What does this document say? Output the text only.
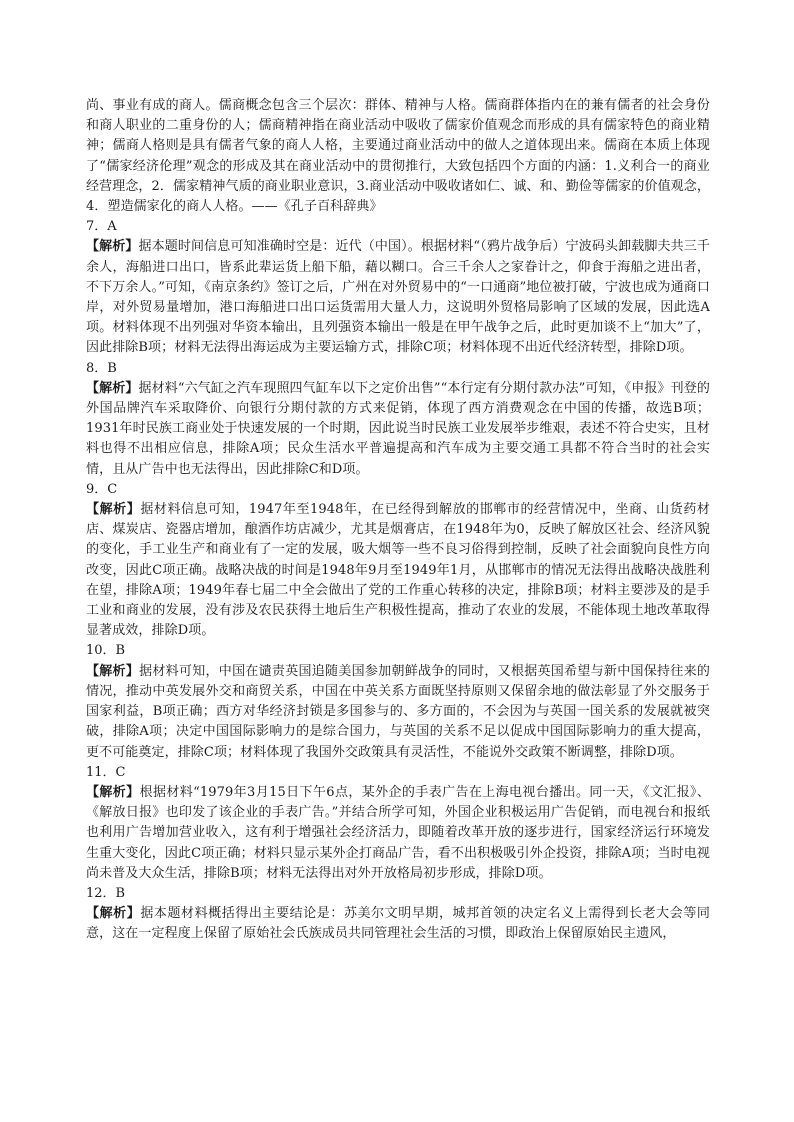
尚、事业有成的商人。儒商概念包含三个层次：群体、精神与人格。儒商群体指内在的兼有儒者的社会身份和商人职业的二重身份的人；儒商精神指在商业活动中吸收了儒家价值观念而形成的具有儒家特色的商业精神；儒商人格则是具有儒者气象的商人人格，主要通过商业活动中的做人之道体现出来。儒商在本质上体现了“儒家经济伦理”观念的形成及其在商业活动中的贯彻推行，大致包括四个方面的内涵：1.义利合一的商业经营理念，2．儒家精神气质的商业职业意识，3.商业活动中吸收诸如仁、诚、和、勤俭等儒家的价值观念，4．塑造儒家化的商人人格。——《孔子百科辞典》

7．A

【解析】据本题时间信息可知准确时空是：近代（中国）。根据材料“（鸦片战争后）宁波码头卸载脚夫共三千余人，海船进口出口，皆系此辈运货上船下船，藉以糊口。合三千余人之家眷计之，仰食于海船之进出者，不下万余人。”可知，《南京条约》签订之后，广州在对外贸易中的“一口通商”地位被打破，宁波也成为通商口岸，对外贸易量增加，港口海船进口出口运货需用大量人力，这说明外贸格局影响了区域的发展，因此选A项。材料体现不出列强对华资本输出，且列强资本输出一般是在甲午战争之后，此时更加谈不上“加大”了，因此排除B项；材料无法得出海运成为主要运输方式，排除C项；材料体现不出近代经济转型，排除D项。

8．B

【解析】据材料“六气缸之汽车现照四气缸车以下之定价出售”“本行定有分期付款办法”可知，《申报》刊登的外国品牌汽车采取降价、向银行分期付款的方式来促销，体现了西方消费观念在中国的传播，故选B项；1931年时民族工商业处于快速发展的一个时期，因此说当时民族工业发展举步维艰，表述不符合史实，且材料也得不出相应信息，排除A项；民众生活水平普遍提高和汽车成为主要交通工具都不符合当时的社会实情，且从广告中也无法得出，因此排除C和D项。

9．C

【解析】据材料信息可知，1947年至1948年，在已经得到解放的邯郸市的经营情况中，坐商、山货药材店、煤炭店、瓷器店增加，酿酒作坊店减少，尤其是烟膏店，在1948年为0，反映了解放区社会、经济风貌的变化，手工业生产和商业有了一定的发展，吸大烟等一些不良习俗得到控制，反映了社会面貌向良性方向改变，因此C项正确。战略决战的时间是1948年9月至1949年1月，从邯郸市的情况无法得出战略决战胜利在望，排除A项；1949年春七届二中全会做出了党的工作重心转移的决定，排除B项；材料主要涉及的是手工业和商业的发展，没有涉及农民获得土地后生产积极性提高，推动了农业的发展，不能体现土地改革取得显著成效，排除D项。

10．B

【解析】据材料可知，中国在谴责英国追随美国参加朝鲜战争的同时，又根据英国希望与新中国保持往来的情况，推动中英发展外交和商贸关系，中国在中英关系方面既坚持原则又保留余地的做法彰显了外交服务于国家利益，B项正确；西方对华经济封锁是多国参与的、多方面的，不会因为与英国一国关系的发展就被突破，排除A项；决定中国国际影响力的是综合国力，与英国的关系不足以促成中国国际影响力的重大提高，更不可能奠定，排除C项；材料体现了我国外交政策具有灵活性，不能说外交政策不断调整，排除D项。

11．C

【解析】根据材料“1979年3月15日下午6点，某外企的手表广告在上海电视台播出。同一天，《文汇报》、《解放日报》也印发了该企业的手表广告。”并结合所学可知，外国企业积极运用广告促销，而电视台和报纸也利用广告增加营业收入，这有利于增强社会经济活力，即随着改革开放的逐步进行，国家经济运行环境发生重大变化，因此C项正确；材料只显示某外企打商品广告，看不出积极吸引外企投资，排除A项；当时电视尚未普及大众生活，排除B项；材料无法得出对外开放格局初步形成，排除D项。

12．B

【解析】据本题材料概括得出主要结论是：苏美尔文明早期，城邦首领的决定名义上需得到长老大会等同意，这在一定程度上保留了原始社会氏族成员共同管理社会生活的习惯，即政治上保留原始民主遗风，
